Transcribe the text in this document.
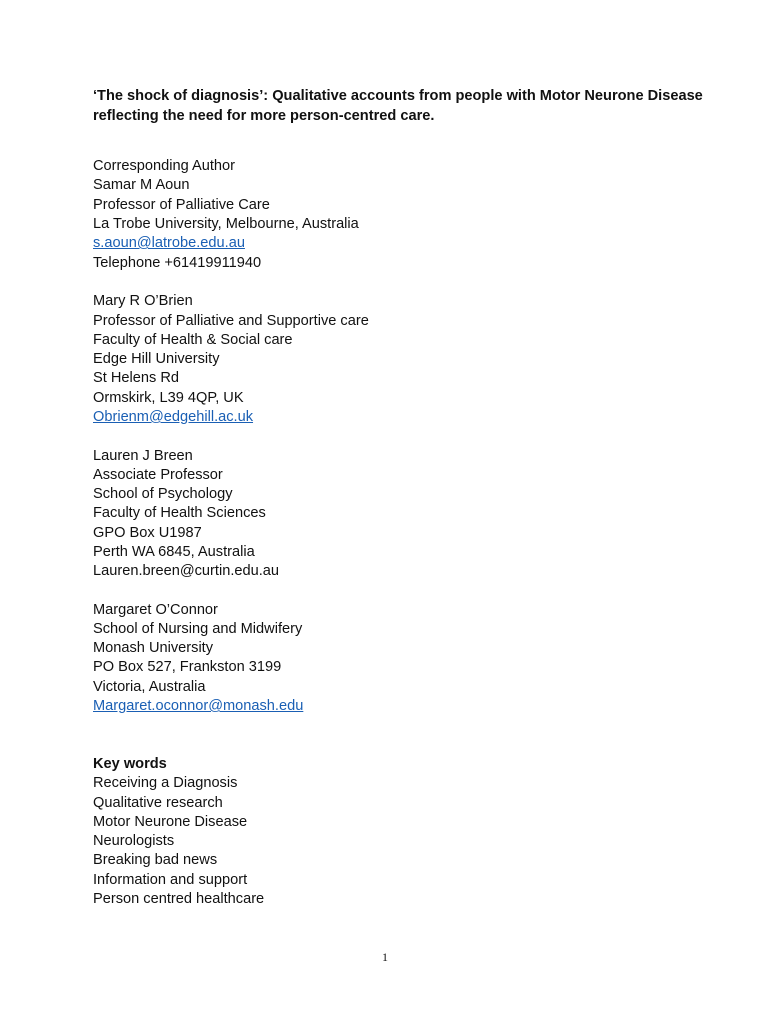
‘The shock of diagnosis’: Qualitative accounts from people with Motor Neurone Disease reflecting the need for more person-centred care.

Corresponding Author

Samar M Aoun

Professor of Palliative Care

La Trobe University, Melbourne, Australia

s.aoun@latrobe.edu.au

Telephone +61419911940

Mary R O’Brien

Professor of Palliative and Supportive care

Faculty of Health & Social care

Edge Hill University

St Helens Rd

Ormskirk, L39 4QP, UK

Obrienm@edgehill.ac.uk

Lauren J Breen

Associate Professor

School of Psychology

Faculty of Health Sciences

GPO Box U1987

Perth WA 6845, Australia

Lauren.breen@curtin.edu.au

Margaret O’Connor

School of Nursing and Midwifery

Monash University

PO Box 527, Frankston 3199

Victoria, Australia

Margaret.oconnor@monash.edu

Key words

Receiving a Diagnosis

Qualitative research

Motor Neurone Disease

Neurologists

Breaking bad news

Information and support

Person centred healthcare

1
